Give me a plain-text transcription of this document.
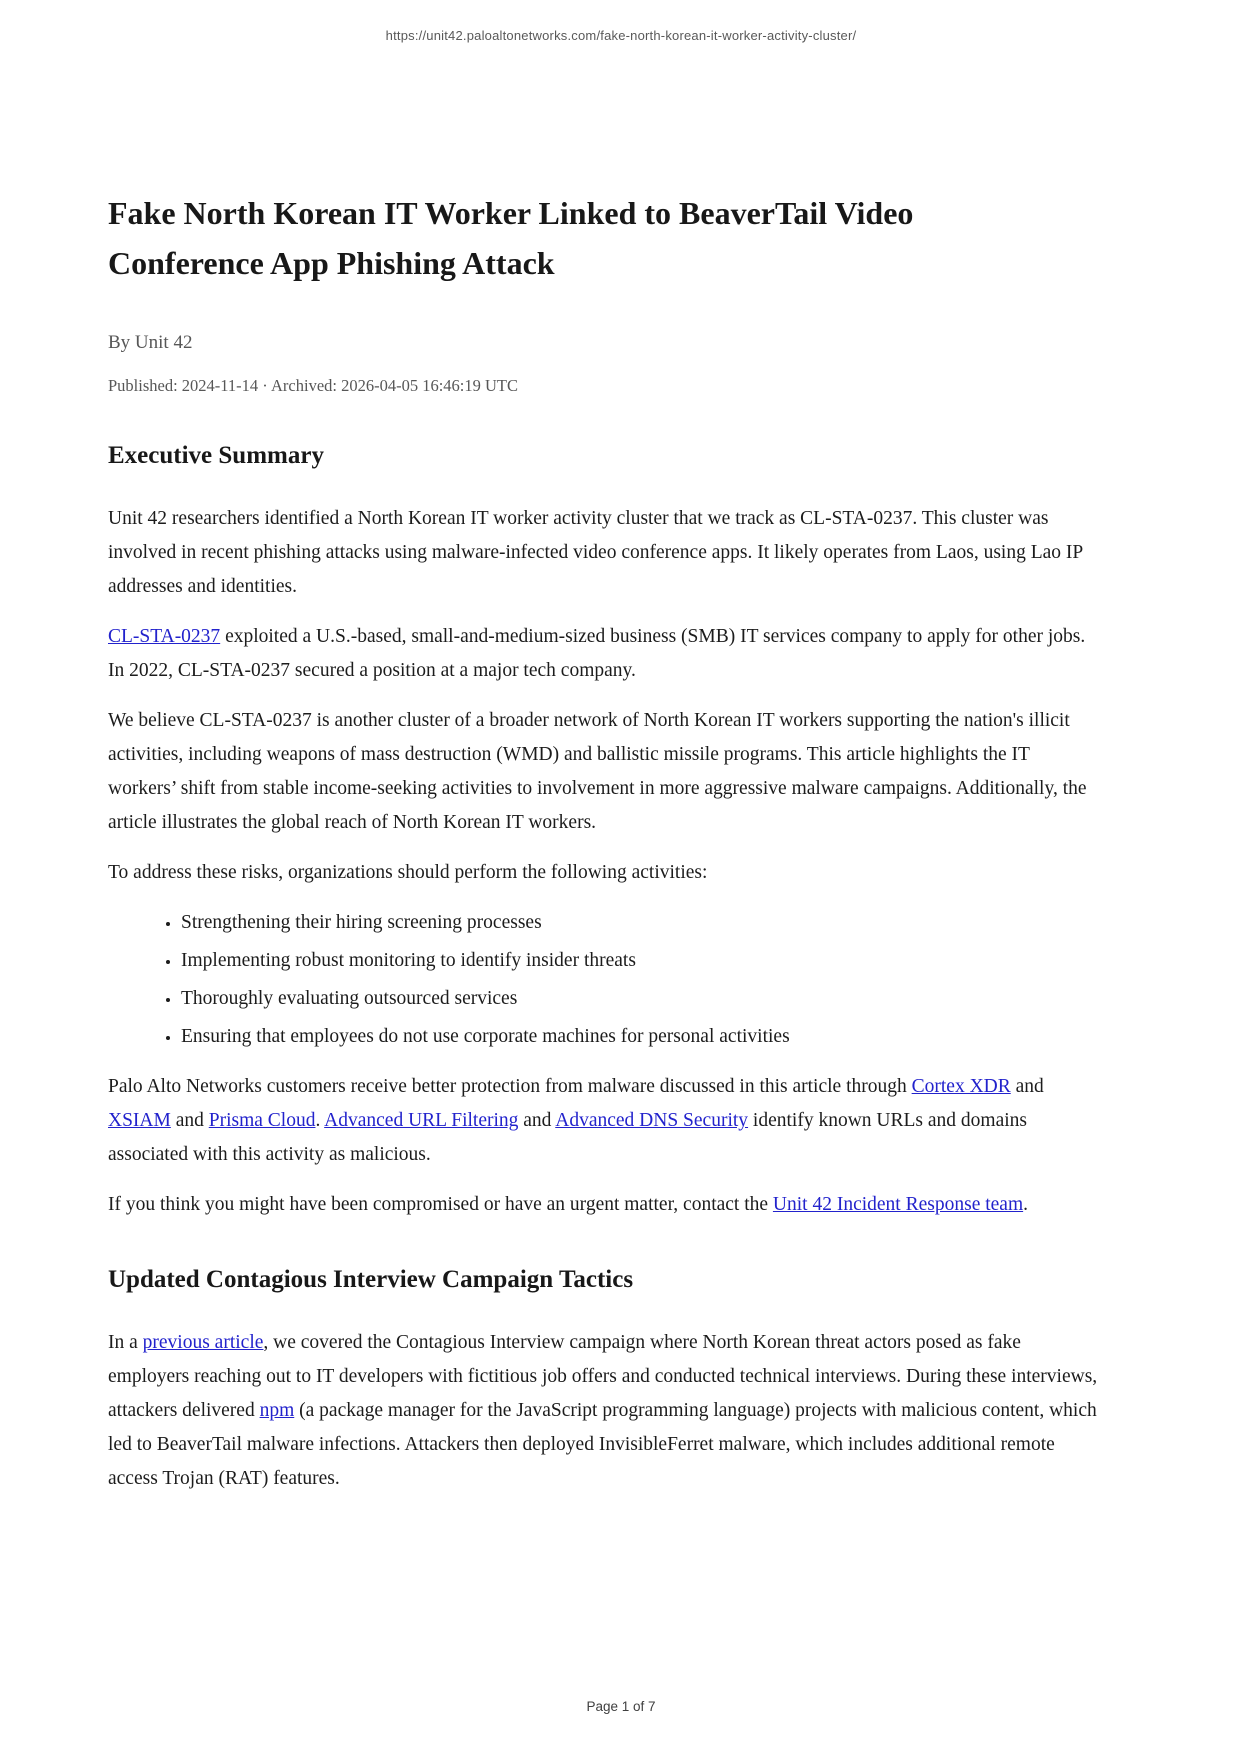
https://unit42.paloaltonetworks.com/fake-north-korean-it-worker-activity-cluster/
Fake North Korean IT Worker Linked to BeaverTail Video Conference App Phishing Attack
By Unit 42
Published: 2024-11-14 · Archived: 2026-04-05 16:46:19 UTC
Executive Summary

Unit 42 researchers identified a North Korean IT worker activity cluster that we track as CL-STA-0237. This cluster was involved in recent phishing attacks using malware-infected video conference apps. It likely operates from Laos, using Lao IP addresses and identities.

CL-STA-0237 exploited a U.S.-based, small-and-medium-sized business (SMB) IT services company to apply for other jobs. In 2022, CL-STA-0237 secured a position at a major tech company.

We believe CL-STA-0237 is another cluster of a broader network of North Korean IT workers supporting the nation's illicit activities, including weapons of mass destruction (WMD) and ballistic missile programs. This article highlights the IT workers’ shift from stable income-seeking activities to involvement in more aggressive malware campaigns. Additionally, the article illustrates the global reach of North Korean IT workers.

To address these risks, organizations should perform the following activities:

• Strengthening their hiring screening processes
• Implementing robust monitoring to identify insider threats
• Thoroughly evaluating outsourced services
• Ensuring that employees do not use corporate machines for personal activities

Palo Alto Networks customers receive better protection from malware discussed in this article through Cortex XDR and XSIAM and Prisma Cloud. Advanced URL Filtering and Advanced DNS Security identify known URLs and domains associated with this activity as malicious.

If you think you might have been compromised or have an urgent matter, contact the Unit 42 Incident Response team.

Updated Contagious Interview Campaign Tactics

In a previous article, we covered the Contagious Interview campaign where North Korean threat actors posed as fake employers reaching out to IT developers with fictitious job offers and conducted technical interviews. During these interviews, attackers delivered npm (a package manager for the JavaScript programming language) projects with malicious content, which led to BeaverTail malware infections. Attackers then deployed InvisibleFerret malware, which includes additional remote access Trojan (RAT) features.

Page 1 of 7
